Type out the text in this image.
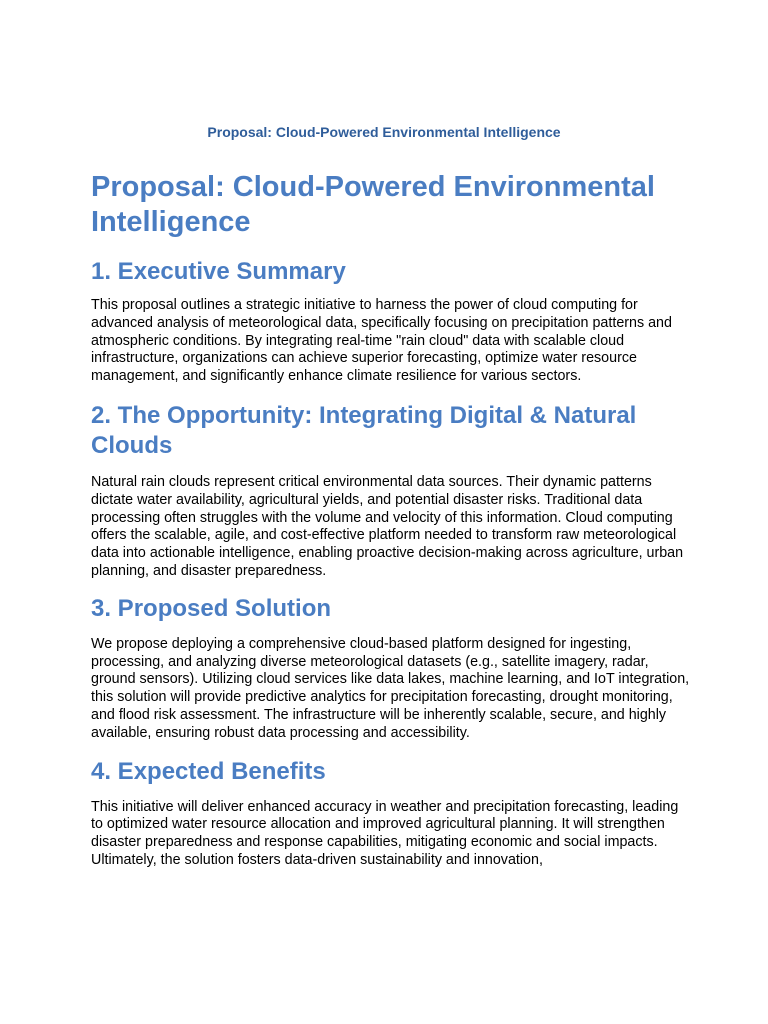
Proposal: Cloud-Powered Environmental Intelligence
Proposal: Cloud-Powered Environmental Intelligence
1. Executive Summary

This proposal outlines a strategic initiative to harness the power of cloud computing for advanced analysis of meteorological data, specifically focusing on precipitation patterns and atmospheric conditions. By integrating real-time "rain cloud" data with scalable cloud infrastructure, organizations can achieve superior forecasting, optimize water resource management, and significantly enhance climate resilience for various sectors.

2. The Opportunity: Integrating Digital & Natural Clouds

Natural rain clouds represent critical environmental data sources. Their dynamic patterns dictate water availability, agricultural yields, and potential disaster risks. Traditional data processing often struggles with the volume and velocity of this information. Cloud computing offers the scalable, agile, and cost-effective platform needed to transform raw meteorological data into actionable intelligence, enabling proactive decision-making across agriculture, urban planning, and disaster preparedness.

3. Proposed Solution

We propose deploying a comprehensive cloud-based platform designed for ingesting, processing, and analyzing diverse meteorological datasets (e.g., satellite imagery, radar, ground sensors). Utilizing cloud services like data lakes, machine learning, and IoT integration, this solution will provide predictive analytics for precipitation forecasting, drought monitoring, and flood risk assessment. The infrastructure will be inherently scalable, secure, and highly available, ensuring robust data processing and accessibility.

4. Expected Benefits

This initiative will deliver enhanced accuracy in weather and precipitation forecasting, leading to optimized water resource allocation and improved agricultural planning. It will strengthen disaster preparedness and response capabilities, mitigating economic and social impacts. Ultimately, the solution fosters data-driven sustainability and innovation,
